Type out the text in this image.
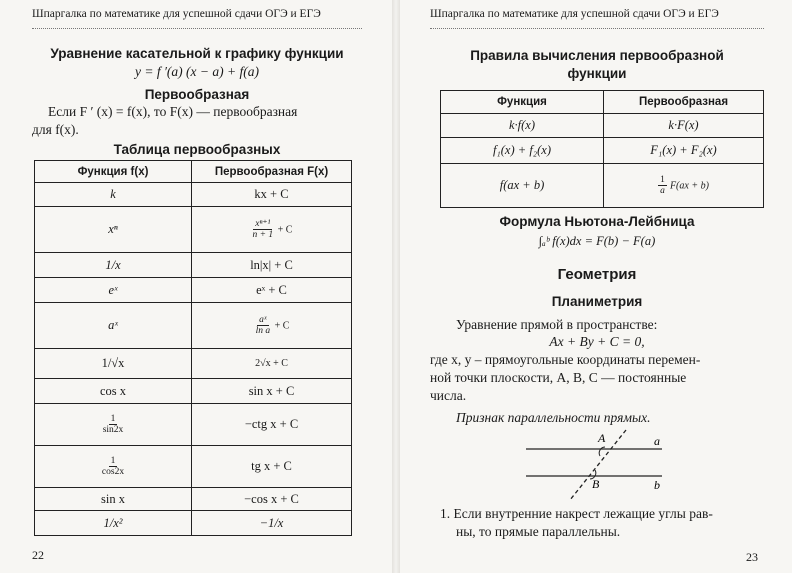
Шпаргалка по математике для успешной сдачи ОГЭ и ЕГЭ
Уравнение касательной к графику функции
y = f ′(a) (x − a) + f(a)
Первообразная
Если F ′ (x) = f(x), то F(x) — первообразная
для f(x).
Таблица первообразных
Функция f(x)	Первообразная F(x)
k	kx + C
xⁿ	$\frac{\text{xⁿ⁺¹}}{n + 1} + C$
1/x	ln|x| + C
eˣ	eˣ + C
aˣ	$\frac{\text{aˣ}}{\text{ln a}} + C$
1/√x	2√x + C
cos x	sin x + C

$\frac{1}{\sin 2x}$	−ctg x + C

$\frac{1}{\cos 2x}$	tg x + C
sin x	−cos x + C
1/x²	−1/x
22
Шпаргалка по математике для успешной сдачи ОГЭ и ЕГЭ
Правила вычисления первообразной
функции
Функция	Первообразная
k·f(x)	k·F(x)
f₁(x) + f₂(x)	F₁(x) + F₂(x)
f(ax + b)	$\frac{1}{a} F(ax + b)$
Формула Ньютона-Лейбница
∫ₐᵇ f(x)dx = F(b) − F(a)
Геометрия
Планиметрия
Уравнение прямой в пространстве:
Ax + By + C = 0,
где x, y – прямоугольные координаты перемен-
ной точки плоскости, A, B, C — постоянные
числа.
Признак параллельности прямых.
A
B
a
b
1. Если внутренние накрест лежащие углы рав-
ны, то прямые параллельны.
23
